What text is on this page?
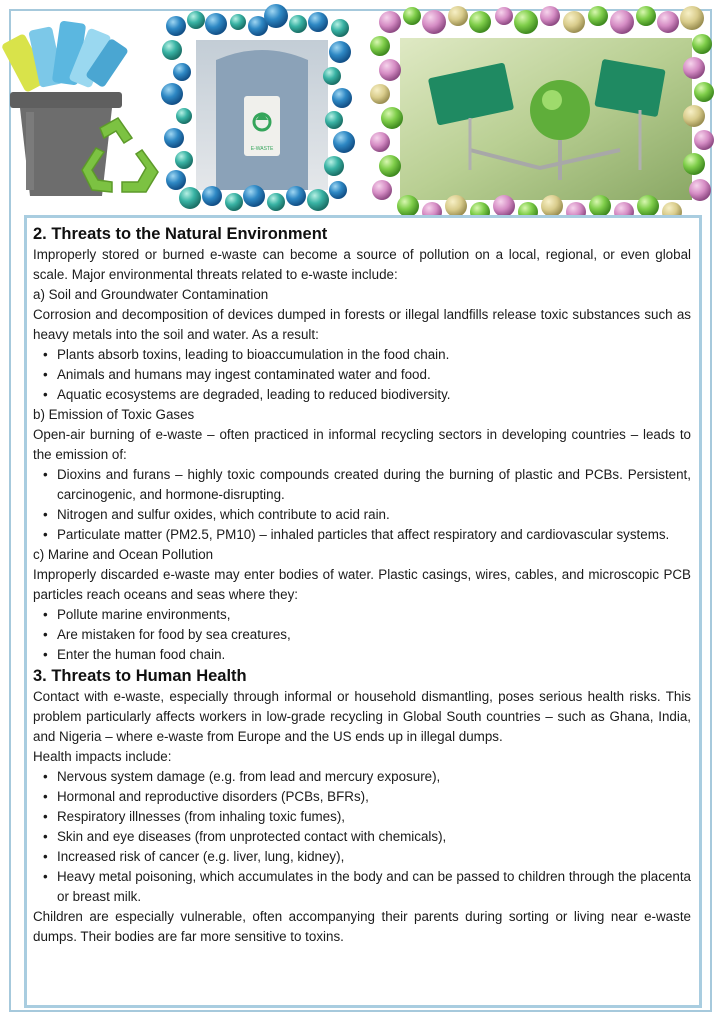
E-WASTE
2. Threats to the Natural Environment

Improperly stored or burned e-waste can become a source of pollution on a local, regional, or even global scale. Major environmental threats related to e-waste include:

a) Soil and Groundwater Contamination

Corrosion and decomposition of devices dumped in forests or illegal landfills release toxic substances such as heavy metals into the soil and water. As a result:

• Plants absorb toxins, leading to bioaccumulation in the food chain.
• Animals and humans may ingest contaminated water and food.
• Aquatic ecosystems are degraded, leading to reduced biodiversity.

b) Emission of Toxic Gases

Open-air burning of e-waste – often practiced in informal recycling sectors in developing countries – leads to the emission of:

• Dioxins and furans – highly toxic compounds created during the burning of plastic and PCBs. Persistent, carcinogenic, and hormone-disrupting.
• Nitrogen and sulfur oxides, which contribute to acid rain.
• Particulate matter (PM2.5, PM10) – inhaled particles that affect respiratory and cardiovascular systems.

c) Marine and Ocean Pollution

Improperly discarded e-waste may enter bodies of water. Plastic casings, wires, cables, and microscopic PCB particles reach oceans and seas where they:

• Pollute marine environments,
• Are mistaken for food by sea creatures,
• Enter the human food chain.
3. Threats to Human Health

Contact with e-waste, especially through informal or household dismantling, poses serious health risks. This problem particularly affects workers in low-grade recycling in Global South countries – such as Ghana, India, and Nigeria – where e-waste from Europe and the US ends up in illegal dumps.

Health impacts include:

• Nervous system damage (e.g. from lead and mercury exposure),
• Hormonal and reproductive disorders (PCBs, BFRs),
• Respiratory illnesses (from inhaling toxic fumes),
• Skin and eye diseases (from unprotected contact with chemicals),
• Increased risk of cancer (e.g. liver, lung, kidney),
• Heavy metal poisoning, which accumulates in the body and can be passed to children through the placenta or breast milk.

Children are especially vulnerable, often accompanying their parents during sorting or living near e-waste dumps. Their bodies are far more sensitive to toxins.
